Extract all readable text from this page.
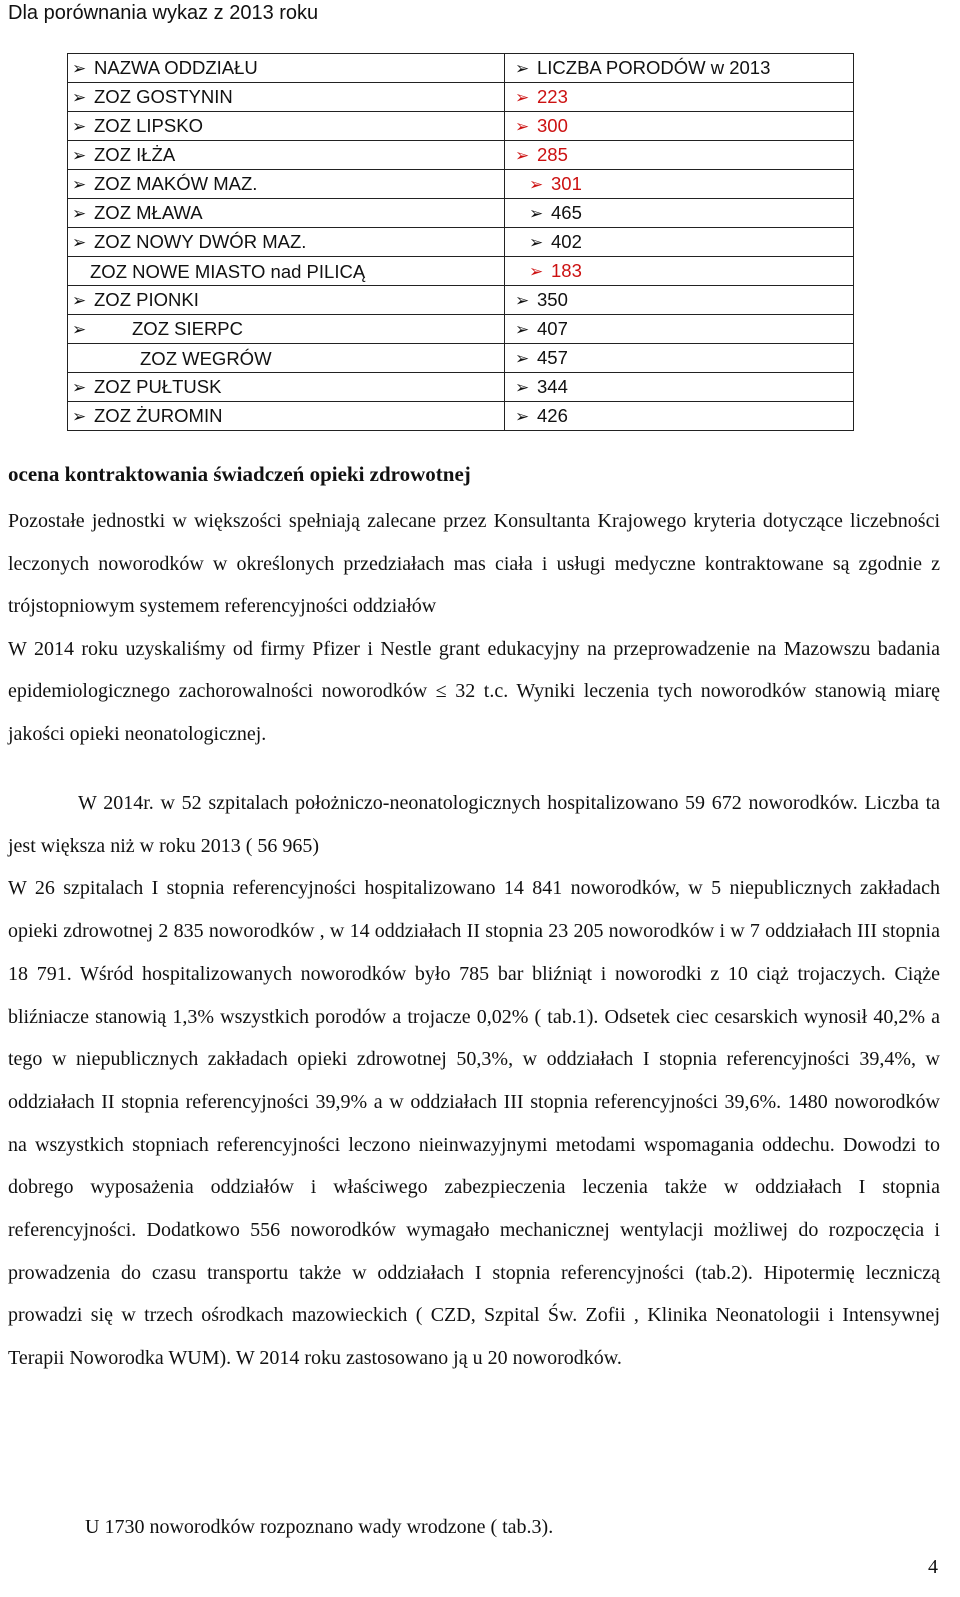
Dla porównania wykaz z 2013 roku
➢ NAZWA ODDZIAŁU	➢ LICZBA PORODÓW w 2013
➢ ZOZ GOSTYNIN	➢ 223
➢ ZOZ LIPSKO	➢ 300
➢ ZOZ IŁŻA	➢ 285
➢ ZOZ MAKÓW MAZ.	➢ 301
➢ ZOZ MŁAWA	➢ 465
➢ ZOZ NOWY DWÓR MAZ.	➢ 402
ZOZ NOWE MIASTO nad PILICĄ	➢ 183
➢ ZOZ PIONKI	➢ 350
➢ ZOZ SIERPC	➢ 407
ZOZ WEGRÓW	➢ 457
➢ ZOZ PUŁTUSK	➢ 344
➢ ZOZ ŻUROMIN	➢ 426
ocena kontraktowania świadczeń opieki zdrowotnej

Pozostałe jednostki w większości spełniają zalecane przez Konsultanta Krajowego kryteria dotyczące liczebności leczonych noworodków w określonych przedziałach mas ciała i usługi medyczne kontraktowane są zgodnie z trójstopniowym systemem referencyjności oddziałów

W 2014 roku uzyskaliśmy od firmy Pfizer i Nestle grant edukacyjny na przeprowadzenie na Mazowszu badania epidemiologicznego zachorowalności noworodków ≤ 32 t.c. Wyniki leczenia tych noworodków stanowią miarę jakości opieki neonatologicznej.

W 2014r. w 52 szpitalach położniczo-neonatologicznych hospitalizowano 59 672 noworodków. Liczba ta jest większa niż w roku 2013 ( 56 965)

W 26 szpitalach I stopnia referencyjności hospitalizowano 14 841 noworodków, w 5 niepublicznych zakładach opieki zdrowotnej 2 835 noworodków , w 14 oddziałach II stopnia 23 205 noworodków i w 7 oddziałach III stopnia 18 791. Wśród hospitalizowanych noworodków było 785 bar bliźniąt i noworodki z 10 ciąż trojaczych. Ciąże bliźniacze stanowią 1,3% wszystkich porodów a trojacze 0,02% ( tab.1). Odsetek ciec cesarskich wynosił 40,2% a tego w niepublicznych zakładach opieki zdrowotnej 50,3%, w oddziałach I stopnia referencyjności 39,4%, w oddziałach II stopnia referencyjności 39,9% a w oddziałach III stopnia referencyjności 39,6%. 1480 noworodków na wszystkich stopniach referencyjności leczono nieinwazyjnymi metodami wspomagania oddechu. Dowodzi to dobrego wyposażenia oddziałów i właściwego zabezpieczenia leczenia także w oddziałach I stopnia referencyjności. Dodatkowo 556 noworodków wymagało mechanicznej wentylacji możliwej do rozpoczęcia i prowadzenia do czasu transportu także w oddziałach I stopnia referencyjności (tab.2). Hipotermię leczniczą prowadzi się w trzech ośrodkach mazowieckich ( CZD, Szpital Św. Zofii , Klinika Neonatologii i Intensywnej Terapii Noworodka WUM). W 2014 roku zastosowano ją u 20 noworodków.

U 1730 noworodków rozpoznano wady wrodzone ( tab.3).
4
